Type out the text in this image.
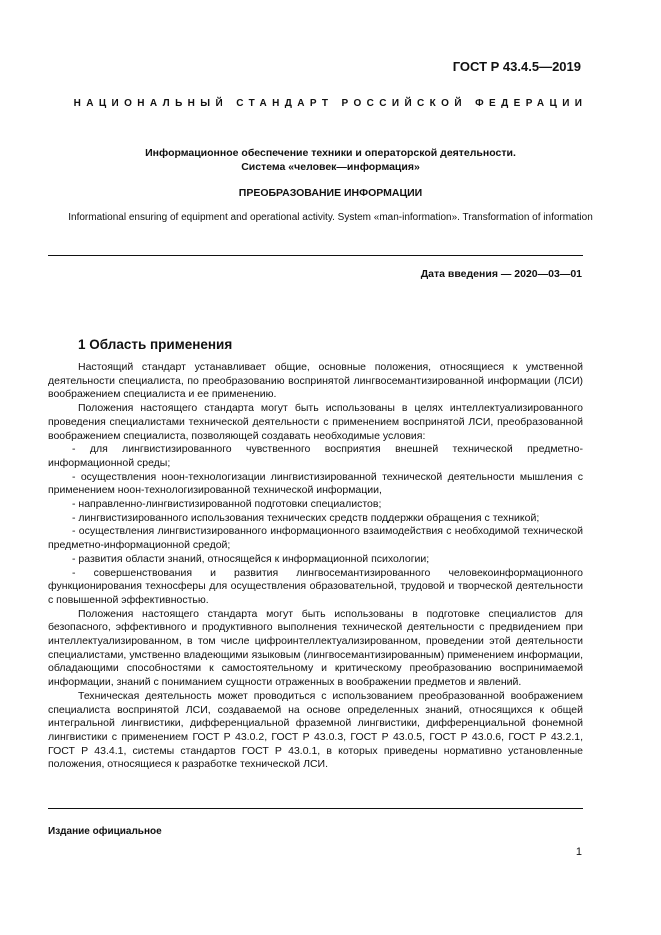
ГОСТ Р 43.4.5—2019
НАЦИОНАЛЬНЫЙ СТАНДАРТ РОССИЙСКОЙ ФЕДЕРАЦИИ
Информационное обеспечение техники и операторской деятельности.
Система «человек—информация»
ПРЕОБРАЗОВАНИЕ ИНФОРМАЦИИ
Informational ensuring of equipment and operational activity. System «man-information». Transformation of information
Дата введения — 2020—03—01
1 Область применения

Настоящий стандарт устанавливает общие, основные положения, относящиеся к умственной деятельности специалиста, по преобразованию воспринятой лингвосемантизированной информации (ЛСИ) воображением специалиста и ее применению.

Положения настоящего стандарта могут быть использованы в целях интеллектуализированного проведения специалистами технической деятельности с применением воспринятой ЛСИ, преобразованной воображением специалиста, позволяющей создавать необходимые условия:

- для лингвистизированного чувственного восприятия внешней технической предметно-информационной среды;

- осуществления ноон-технологизации лингвистизированной технической деятельности мышления с применением ноон-технологизированной технической информации,

- направленно-лингвистизированной подготовки специалистов;

- лингвистизированного использования технических средств поддержки обращения с техникой;

- осуществления лингвистизированного информационного взаимодействия с необходимой технической предметно-информационной средой;

- развития области знаний, относящейся к информационной психологии;

- совершенствования и развития лингвосемантизированного человекоинформационного функционирования техносферы для осуществления образовательной, трудовой и творческой деятельности с повышенной эффективностью.

Положения настоящего стандарта могут быть использованы в подготовке специалистов для безопасного, эффективного и продуктивного выполнения технической деятельности с предвидением при интеллектуализированном, в том числе цифроинтеллектуализированном, проведении этой деятельности специалистами, умственно владеющими языковым (лингвосемантизированным) применением информации, обладающими способностями к самостоятельному и критическому преобразованию воспринимаемой информации, знаний с пониманием сущности отраженных в воображении предметов и явлений.

Техническая деятельность может проводиться с использованием преобразованной воображением специалиста воспринятой ЛСИ, создаваемой на основе определенных знаний, относящихся к общей интегральной лингвистики, дифференциальной фраземной лингвистики, дифференциальной фонемной лингвистики с применением ГОСТ Р 43.0.2, ГОСТ Р 43.0.3, ГОСТ Р 43.0.5, ГОСТ Р 43.0.6, ГОСТ Р 43.2.1, ГОСТ Р 43.4.1, системы стандартов ГОСТ Р 43.0.1, в которых приведены нормативно установленные положения, относящиеся к разработке технической ЛСИ.

Издание официальное
1
